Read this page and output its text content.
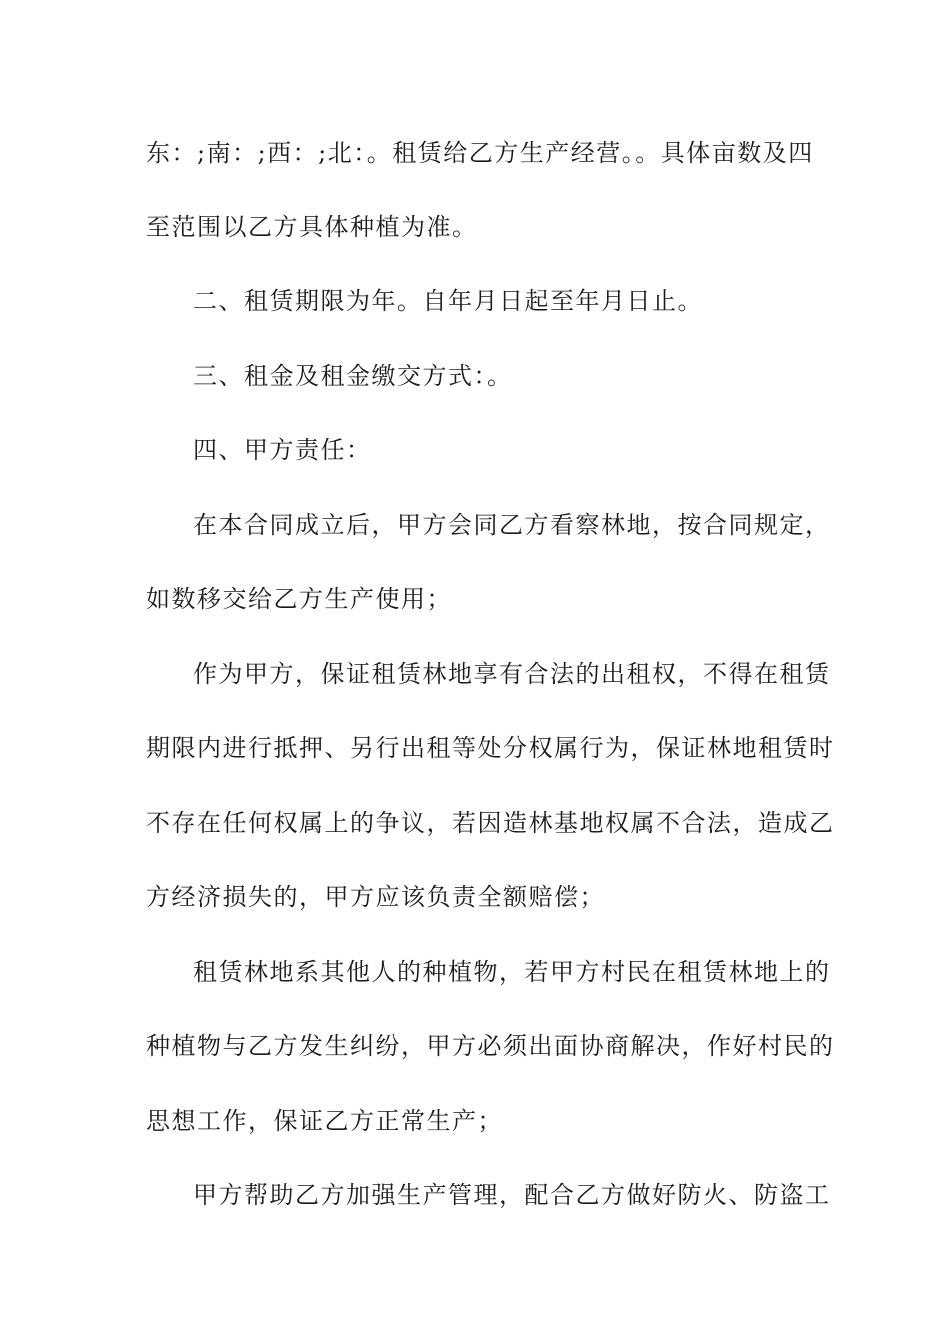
东：;南：;西：;北：。租赁给乙方生产经营。。具体亩数及四
至范围以乙方具体种植为准。
二、租赁期限为年。自年月日起至年月日止。
三、租金及租金缴交方式：。
四、甲方责任：
在本合同成立后，甲方会同乙方看察林地，按合同规定，
如数移交给乙方生产使用；
作为甲方，保证租赁林地享有合法的出租权，不得在租赁
期限内进行抵押、另行出租等处分权属行为，保证林地租赁时
不存在任何权属上的争议，若因造林基地权属不合法，造成乙
方经济损失的，甲方应该负责全额赔偿；
租赁林地系其他人的种植物，若甲方村民在租赁林地上的
种植物与乙方发生纠纷，甲方必须出面协商解决，作好村民的
思想工作，保证乙方正常生产；
甲方帮助乙方加强生产管理，配合乙方做好防火、防盗工
